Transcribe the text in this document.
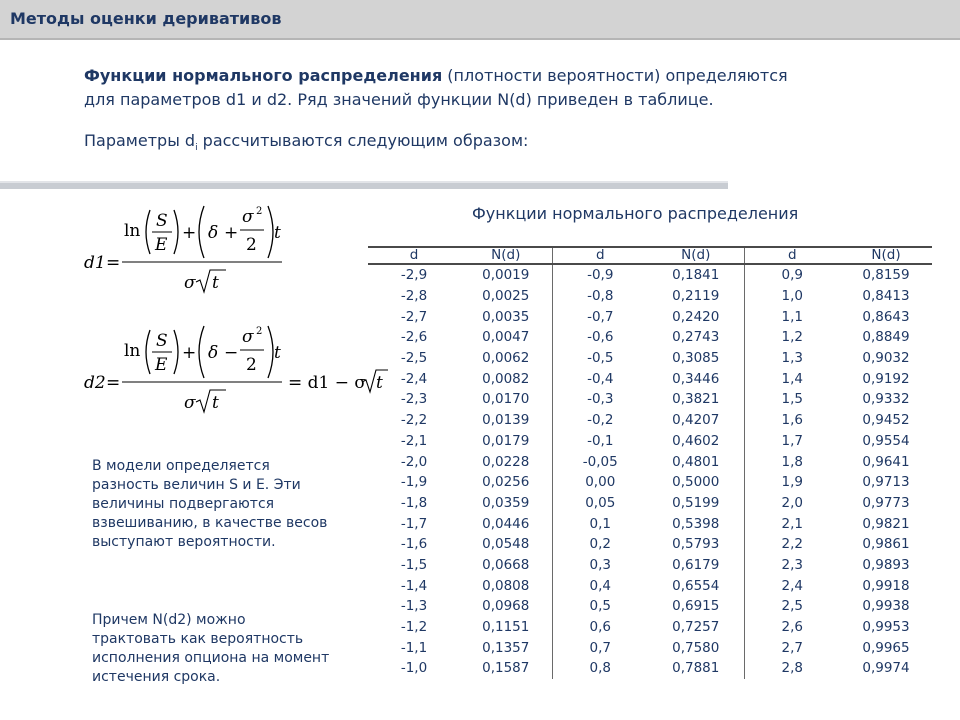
Методы оценки деривативов
Функции нормального распределения (плотности вероятности) определяются
для параметров d1 и d2. Ряд значений функции N(d) приведен в таблице.
Параметры $d_i$ рассчитываются следующим образом:
d1 =
ln S
E
+ δ +
σ 2
2
t
σ t
d2 =
ln S
E
+ δ −
σ 2
2
t
σ t
= d1 − σ t
В модели определяется разность величин S и E. Эти величины подвергаются взвешиванию, в качестве весов выступают вероятности.
Причем N(d2) можно трактовать как вероятность исполнения опциона на момент истечения срока.
Функции нормального распределения
d	N(d)	d	N(d)	d	N(d)
-2,9	0,0019	-0,9	0,1841	0,9	0,8159
-2,8	0,0025	-0,8	0,2119	1,0	0,8413
-2,7	0,0035	-0,7	0,2420	1,1	0,8643
-2,6	0,0047	-0,6	0,2743	1,2	0,8849
-2,5	0,0062	-0,5	0,3085	1,3	0,9032
-2,4	0,0082	-0,4	0,3446	1,4	0,9192
-2,3	0,0170	-0,3	0,3821	1,5	0,9332
-2,2	0,0139	-0,2	0,4207	1,6	0,9452
-2,1	0,0179	-0,1	0,4602	1,7	0,9554
-2,0	0,0228	-0,05	0,4801	1,8	0,9641
-1,9	0,0256	0,00	0,5000	1,9	0,9713
-1,8	0,0359	0,05	0,5199	2,0	0,9773
-1,7	0,0446	0,1	0,5398	2,1	0,9821
-1,6	0,0548	0,2	0,5793	2,2	0,9861
-1,5	0,0668	0,3	0,6179	2,3	0,9893
-1,4	0,0808	0,4	0,6554	2,4	0,9918
-1,3	0,0968	0,5	0,6915	2,5	0,9938
-1,2	0,1151	0,6	0,7257	2,6	0,9953
-1,1	0,1357	0,7	0,7580	2,7	0,9965
-1,0	0,1587	0,8	0,7881	2,8	0,9974
